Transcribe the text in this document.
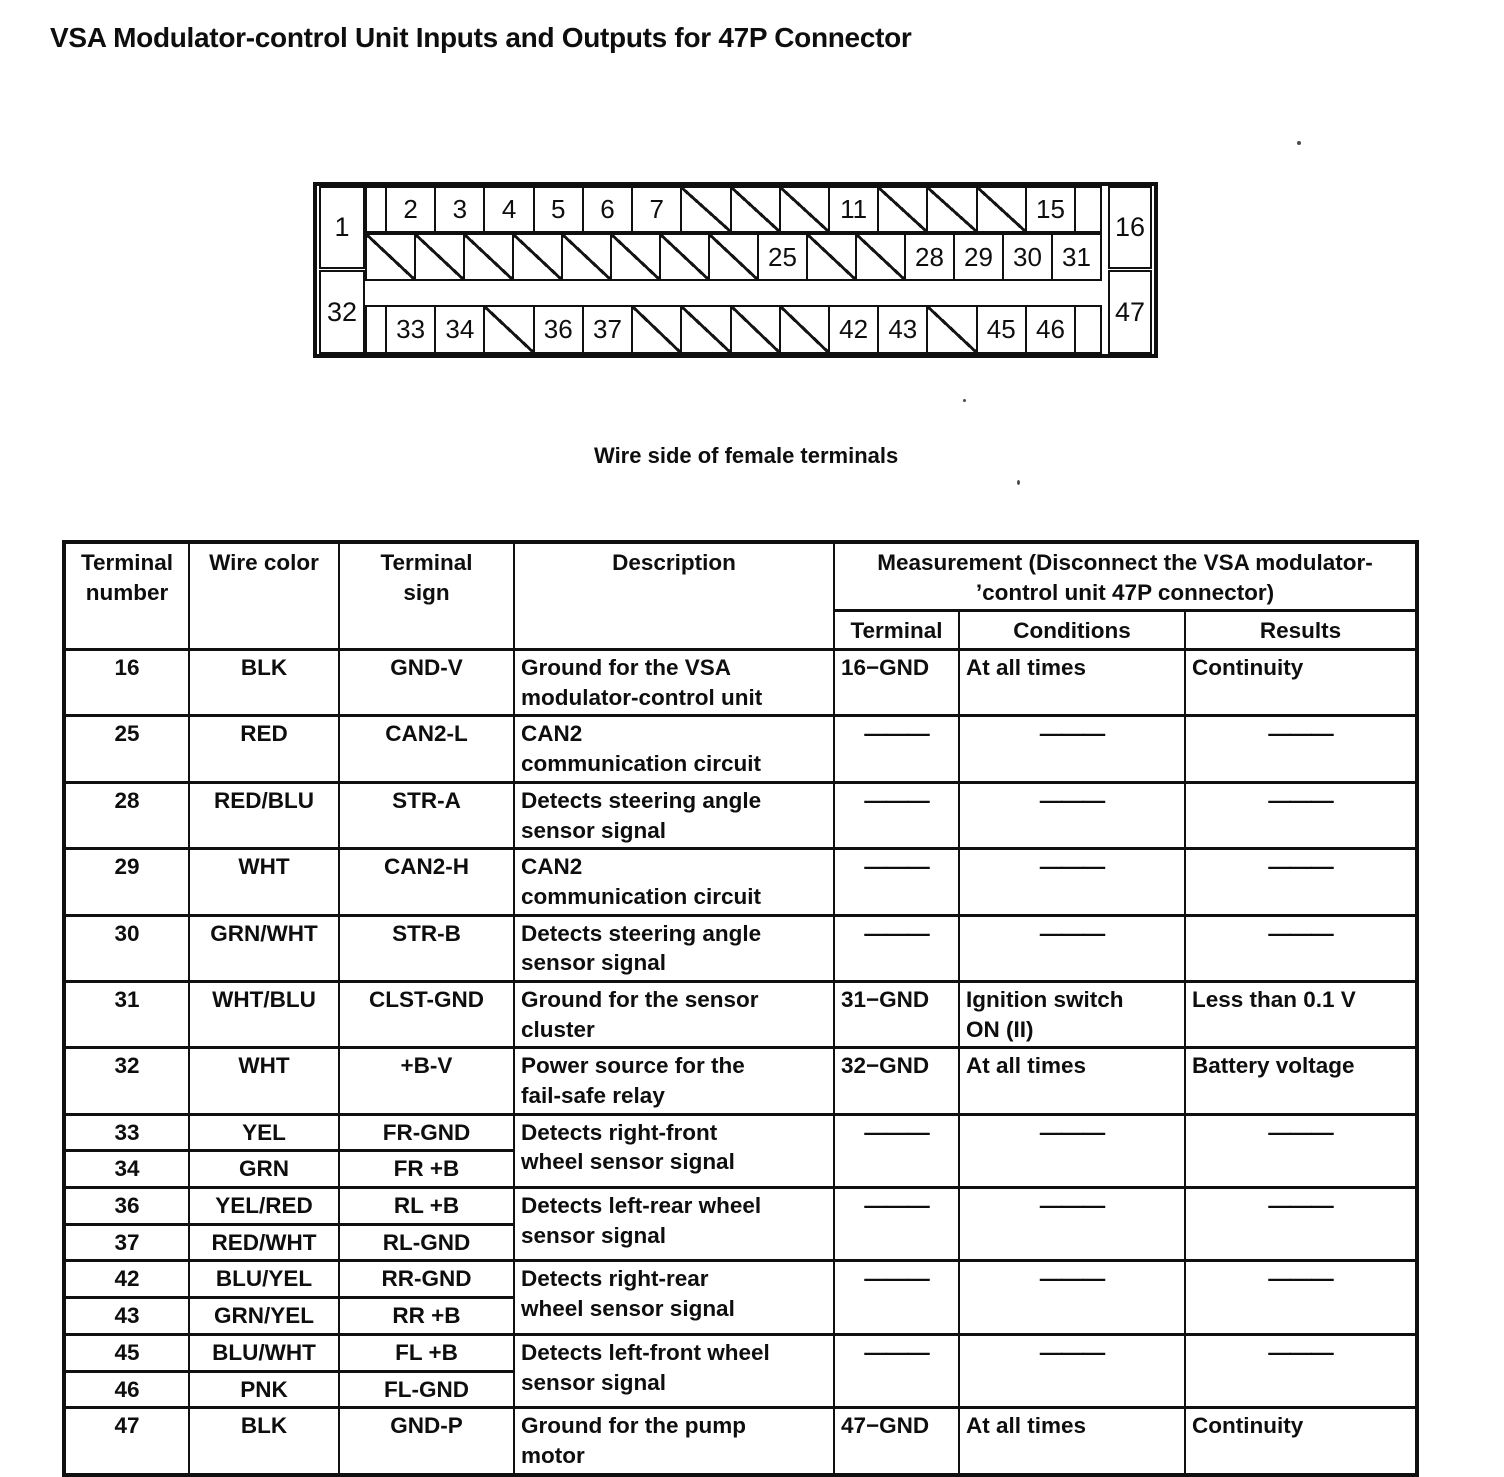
VSA Modulator-control Unit Inputs and Outputs for 47P Connector
1
32
16
47
2	3	4	5	6	7	11	15
25	28 29 30 31
33 34	36 37	42 43	45 46
Wire side of female terminals
Terminal
number	Wire color	Terminal
sign	Description	Measurement (Disconnect the VSA modulator-
’control unit 47P connector)		

				Terminal	Conditions	Results
16	BLK	GND-V	Ground for the VSA
modulator-control unit	16−GND	At all times	Continuity
25	RED	CAN2-L	CAN2
communication circuit	———	———	———
28	RED/BLU	STR-A	Detects steering angle
sensor signal	———	———	———
29	WHT	CAN2-H	CAN2
communication circuit	———	———	———
30	GRN/WHT	STR-B	Detects steering angle
sensor signal	———	———	———
31	WHT/BLU	CLST-GND	Ground for the sensor
cluster	31−GND	Ignition switch
ON (II)	Less than 0.1 V
32	WHT	+B-V	Power source for the
fail-safe relay	32−GND	At all times	Battery voltage
33	YEL	FR-GND	Detects right-front
wheel sensor signal	———	———	———
34	GRN	FR +B				
36	YEL/RED	RL +B	Detects left-rear wheel
sensor signal	———	———	———
37	RED/WHT	RL-GND				
42	BLU/YEL	RR-GND	Detects right-rear
wheel sensor signal	———	———	———
43	GRN/YEL	RR +B				
45	BLU/WHT	FL +B	Detects left-front wheel
sensor signal	———	———	———
46	PNK	FL-GND				
47	BLK	GND-P	Ground for the pump
motor	47−GND	At all times	Continuity
